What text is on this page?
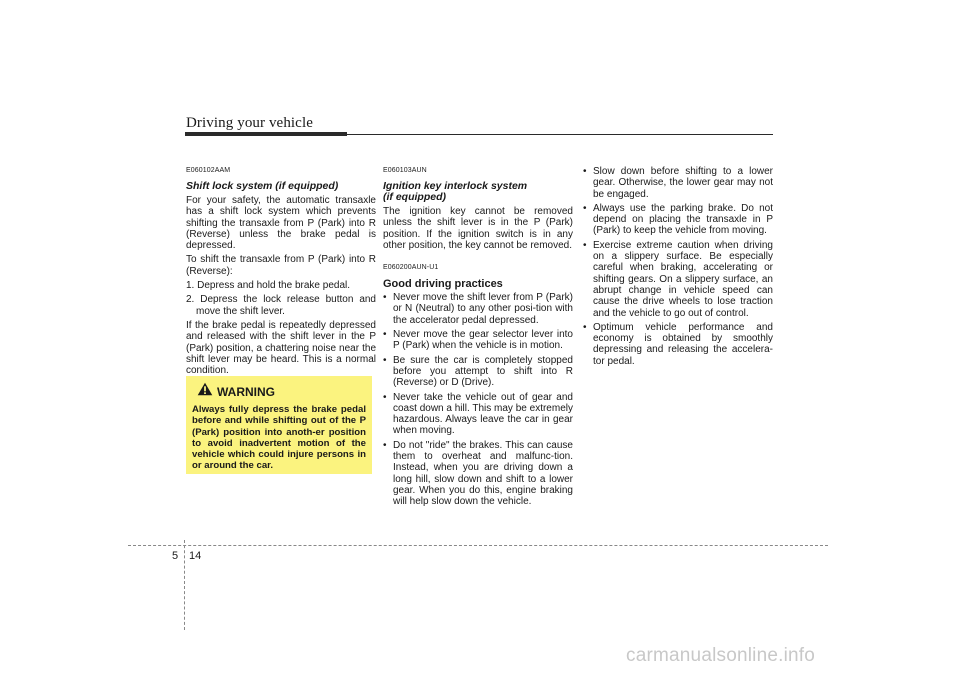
Driving your vehicle
E060102AAM
Shift lock system (if equipped)

For your safety, the automatic transaxle has a shift lock system which prevents shifting the transaxle from P (Park) into R (Reverse) unless the brake pedal is depressed.

To shift the transaxle from P (Park) into R (Reverse):

1. Depress and hold the brake pedal.

2. Depress the lock release button and move the shift lever.

If the brake pedal is repeatedly depressed and released with the shift lever in the P (Park) position, a chattering noise near the shift lever may be heard. This is a normal condition.

WARNING

Always fully depress the brake pedal before and while shifting out of the P (Park) position into anoth-er position to avoid inadvertent motion of the vehicle which could injure persons in or around the car.

E060103AUN
Ignition key interlock system
(if equipped)

The ignition key cannot be removed unless the shift lever is in the P (Park) position. If the ignition switch is in any other position, the key cannot be removed.

E060200AUN-U1
Good driving practices
• Never move the shift lever from P (Park) or N (Neutral) to any other posi-tion with the accelerator pedal depressed.
• Never move the gear selector lever into P (Park) when the vehicle is in motion.
• Be sure the car is completely stopped before you attempt to shift into R (Reverse) or D (Drive).
• Never take the vehicle out of gear and coast down a hill. This may be extremely hazardous. Always leave the car in gear when moving.
• Do not "ride" the brakes. This can cause them to overheat and malfunc-tion. Instead, when you are driving down a long hill, slow down and shift to a lower gear. When you do this, engine braking will help slow down the vehicle.
• Slow down before shifting to a lower gear. Otherwise, the lower gear may not be engaged.
• Always use the parking brake. Do not depend on placing the transaxle in P (Park) to keep the vehicle from moving.
• Exercise extreme caution when driving on a slippery surface. Be especially careful when braking, accelerating or shifting gears. On a slippery surface, an abrupt change in vehicle speed can cause the drive wheels to lose traction and the vehicle to go out of control.
• Optimum vehicle performance and economy is obtained by smoothly depressing and releasing the accelera-tor pedal.
5 14
carmanualsonline.info
